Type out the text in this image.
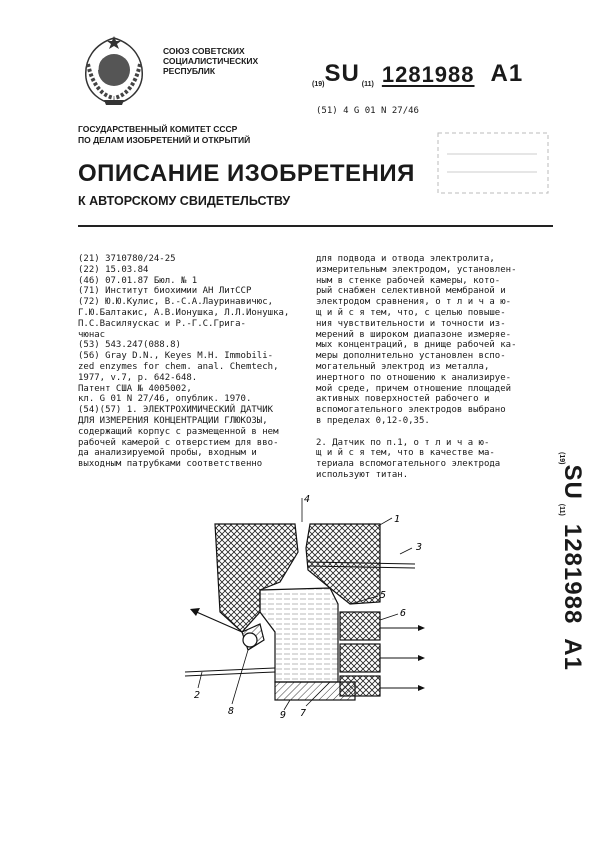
СОЮЗ СОВЕТСКИХ
СОЦИАЛИСТИЧЕСКИХ
РЕСПУБЛИК
(19) SU (11) 1281988 A1
(51) 4 G 01 N 27/46
ГОСУДАРСТВЕННЫЙ КОМИТЕТ СССР
ПО ДЕЛАМ ИЗОБРЕТЕНИЙ И ОТКРЫТИЙ
ОПИСАНИЕ ИЗОБРЕТЕНИЯ
К АВТОРСКОМУ СВИДЕТЕЛЬСТВУ
(21) 3710780/24-25
(22) 15.03.84
(46) 07.01.87 Бюл. № 1
(71) Институт биохимии АН ЛитССР
(72) Ю.Ю.Кулис, В.-С.А.Лауринавичюс,
Г.Ю.Балтакис, А.В.Ионушка, Л.Л.Ионушка,
П.С.Василяускас и Р.-Г.С.Грига-
чюнас
(53) 543.247(088.8)
(56) Gray D.N., Keyes M.H. Immobili-
zed enzymes for chem. anal. Chemtech,
1977, v.7, p. 642-648.
Патент США № 4005002,
кл. G 01 N 27/46, опублик. 1970.
(54)(57) 1. ЭЛЕКТРОХИМИЧЕСКИЙ ДАТЧИК
ДЛЯ ИЗМЕРЕНИЯ КОНЦЕНТРАЦИИ ГЛЮКОЗЫ,
содержащий корпус с размещенной в нем
рабочей камерой с отверстием для вво-
да анализируемой пробы, входным и
выходным патрубками соответственно
для подвода и отвода электролита,
измерительным электродом, установлен-
ным в стенке рабочей камеры, кото-
рый снабжен селективной мембраной и
электродом сравнения, о т л и ч а ю-
щ и й с я тем, что, с целью повыше-
ния чувствительности и точности из-
мерений в широком диапазоне измеряе-
мых концентраций, в днище рабочей ка-
меры дополнительно установлен вспо-
могательный электрод из металла,
инертного по отношению к анализируе-
мой среде, причем отношение площадей
активных поверхностей рабочего и
вспомогательного электродов выбрано
в пределах 0,12-0,35.

2. Датчик по п.1, о т л и ч а ю-
щ и й с я тем, что в качестве ма-
териала вспомогательного электрода
используют титан.
(19)
SU
(11)
1281988
A1
4
1
3
5
6
2
8	9 7
